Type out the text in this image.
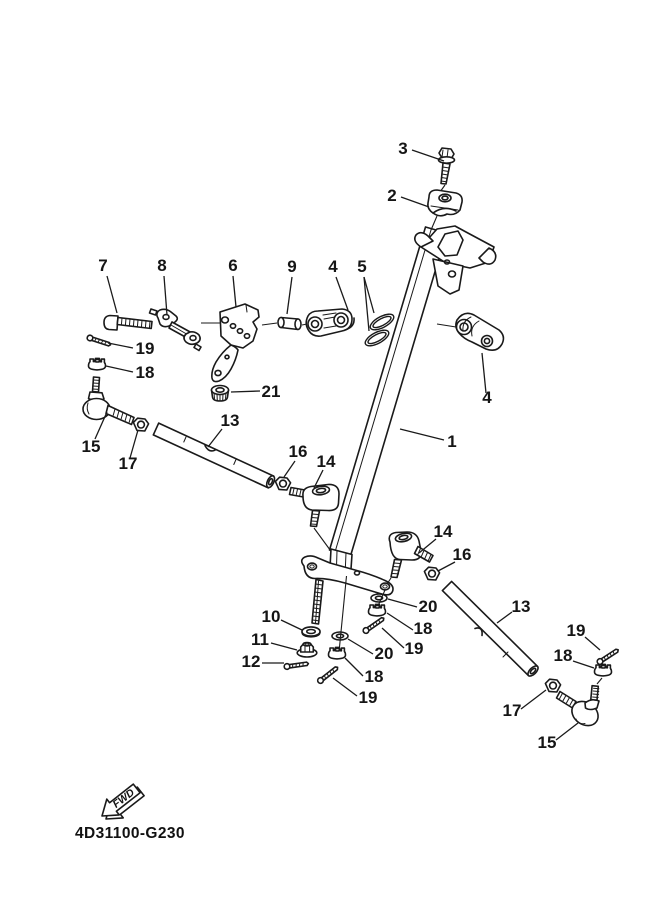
FWD
4D31100-G230
3
2
7	8	6	9 4 5
4
1
19
18
15
17
13
21
16
14
14
16
20
18
19
13
10
11
12	20
18
19
19
18
17
15
